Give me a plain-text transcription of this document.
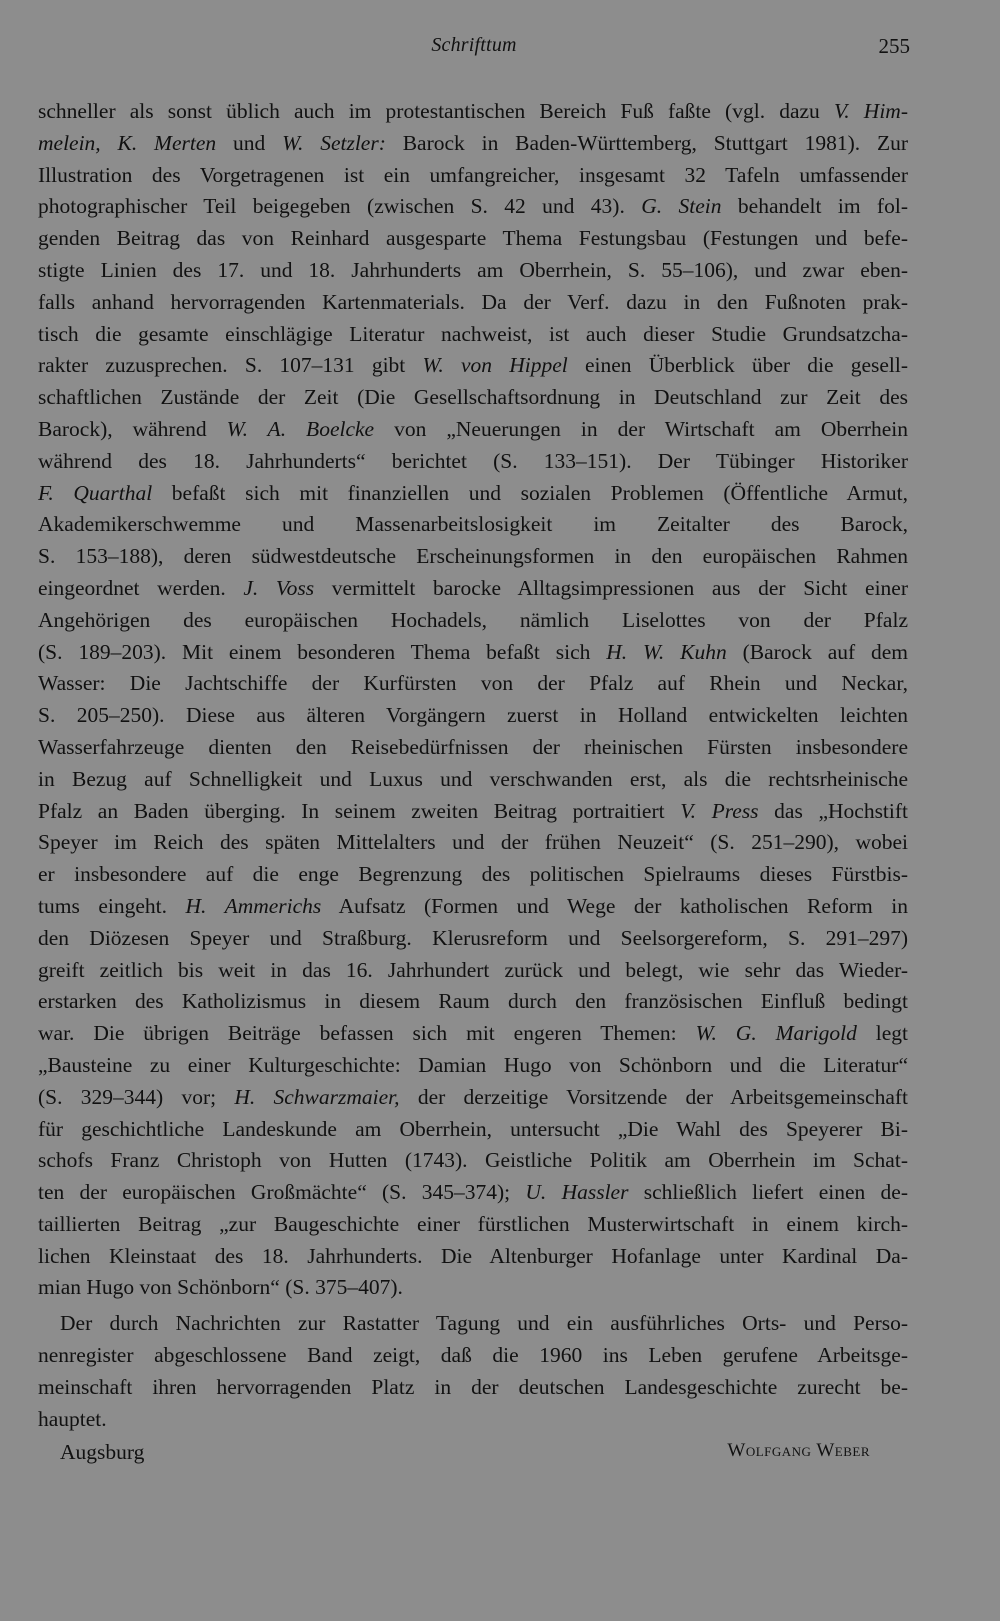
Schrifttum	255
schneller als sonst üblich auch im protestantischen Bereich Fuß faßte (vgl. dazu V. Him-
melein, K. Merten und W. Setzler: Barock in Baden-Württemberg, Stuttgart 1981). Zur
Illustration des Vorgetragenen ist ein umfangreicher, insgesamt 32 Tafeln umfassender
photographischer Teil beigegeben (zwischen S. 42 und 43). G. Stein behandelt im fol-
genden Beitrag das von Reinhard ausgesparte Thema Festungsbau (Festungen und befe-
stigte Linien des 17. und 18. Jahrhunderts am Oberrhein, S. 55–106), und zwar eben-
falls anhand hervorragenden Kartenmaterials. Da der Verf. dazu in den Fußnoten prak-
tisch die gesamte einschlägige Literatur nachweist, ist auch dieser Studie Grundsatzcha-
rakter zuzusprechen. S. 107–131 gibt W. von Hippel einen Überblick über die gesell-
schaftlichen Zustände der Zeit (Die Gesellschaftsordnung in Deutschland zur Zeit des
Barock), während W. A. Boelcke von „Neuerungen in der Wirtschaft am Oberrhein
während des 18. Jahrhunderts“ berichtet (S. 133–151). Der Tübinger Historiker
F. Quarthal befaßt sich mit finanziellen und sozialen Problemen (Öffentliche Armut,
Akademikerschwemme und Massenarbeitslosigkeit im Zeitalter des Barock,
S. 153–188), deren südwestdeutsche Erscheinungsformen in den europäischen Rahmen
eingeordnet werden. J. Voss vermittelt barocke Alltagsimpressionen aus der Sicht einer
Angehörigen des europäischen Hochadels, nämlich Liselottes von der Pfalz
(S. 189–203). Mit einem besonderen Thema befaßt sich H. W. Kuhn (Barock auf dem
Wasser: Die Jachtschiffe der Kurfürsten von der Pfalz auf Rhein und Neckar,
S. 205–250). Diese aus älteren Vorgängern zuerst in Holland entwickelten leichten
Wasserfahrzeuge dienten den Reisebedürfnissen der rheinischen Fürsten insbesondere
in Bezug auf Schnelligkeit und Luxus und verschwanden erst, als die rechtsrheinische
Pfalz an Baden überging. In seinem zweiten Beitrag portraitiert V. Press das „Hochstift
Speyer im Reich des späten Mittelalters und der frühen Neuzeit“ (S. 251–290), wobei
er insbesondere auf die enge Begrenzung des politischen Spielraums dieses Fürstbis-
tums eingeht. H. Ammerichs Aufsatz (Formen und Wege der katholischen Reform in
den Diözesen Speyer und Straßburg. Klerusreform und Seelsorgereform, S. 291–297)
greift zeitlich bis weit in das 16. Jahrhundert zurück und belegt, wie sehr das Wieder-
erstarken des Katholizismus in diesem Raum durch den französischen Einfluß bedingt
war. Die übrigen Beiträge befassen sich mit engeren Themen: W. G. Marigold legt
„Bausteine zu einer Kulturgeschichte: Damian Hugo von Schönborn und die Literatur“
(S. 329–344) vor; H. Schwarzmaier, der derzeitige Vorsitzende der Arbeitsgemeinschaft
für geschichtliche Landeskunde am Oberrhein, untersucht „Die Wahl des Speyerer Bi-
schofs Franz Christoph von Hutten (1743). Geistliche Politik am Oberrhein im Schat-
ten der europäischen Großmächte“ (S. 345–374); U. Hassler schließlich liefert einen de-
taillierten Beitrag „zur Baugeschichte einer fürstlichen Musterwirtschaft in einem kirch-
lichen Kleinstaat des 18. Jahrhunderts. Die Altenburger Hofanlage unter Kardinal Da-
mian Hugo von Schönborn“ (S. 375–407).
Der durch Nachrichten zur Rastatter Tagung und ein ausführliches Orts- und Perso-
nenregister abgeschlossene Band zeigt, daß die 1960 ins Leben gerufene Arbeitsge-
meinschaft ihren hervorragenden Platz in der deutschen Landesgeschichte zurecht be-
hauptet.
Augsburg	Wolfgang Weber
